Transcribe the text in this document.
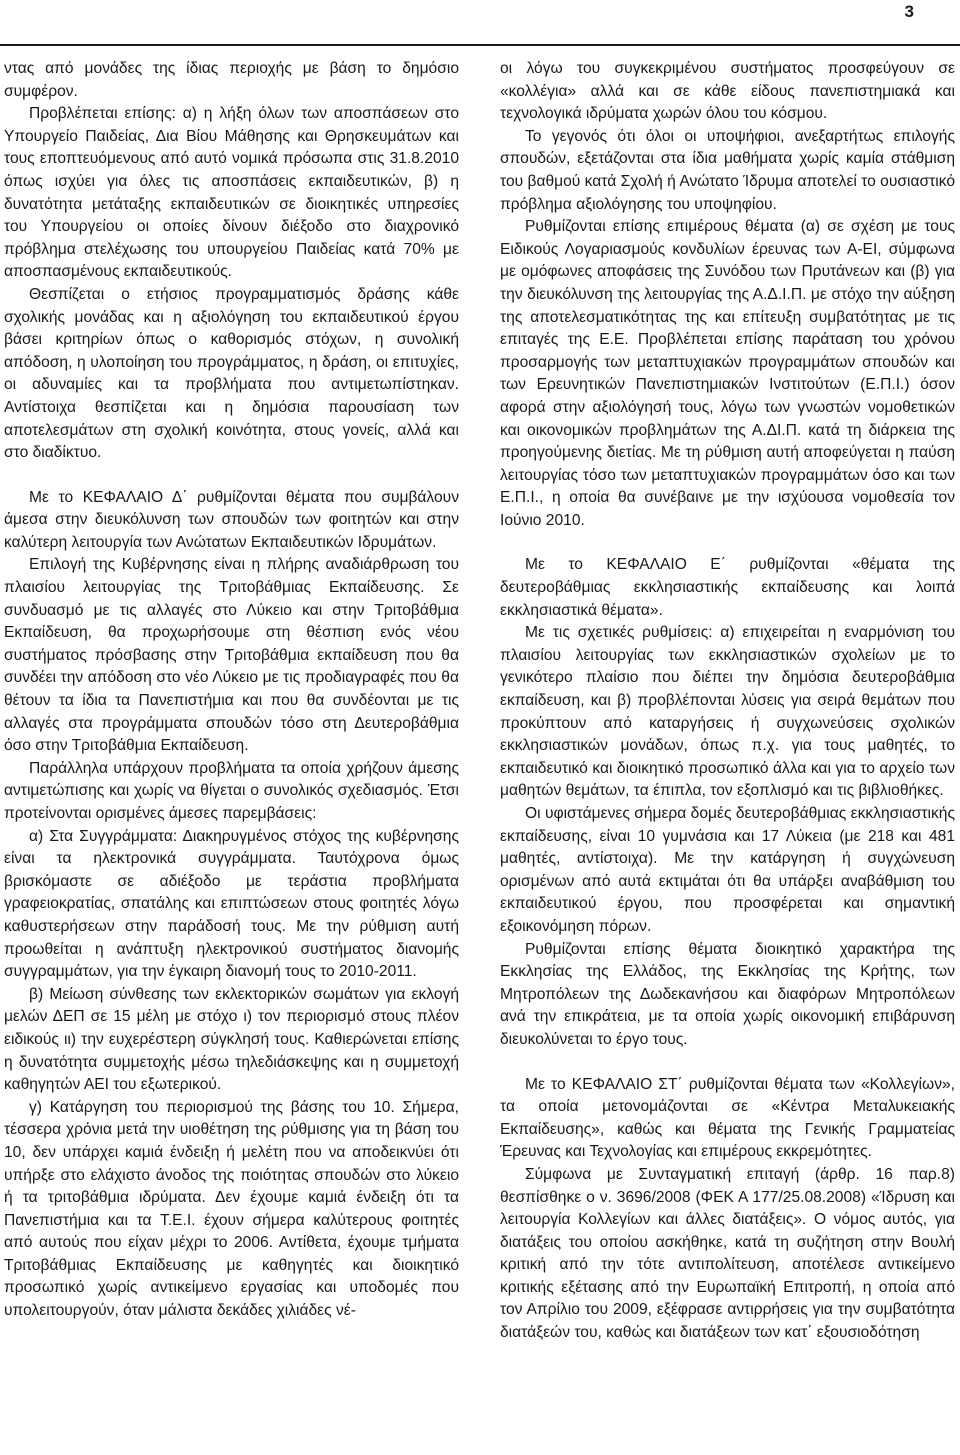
3

ντας από μονάδες της ίδιας περιοχής με βάση το δημόσιο συμφέρον.

Προβλέπεται επίσης: α) η λήξη όλων των αποσπάσεων στο Υπουργείο Παιδείας, Δια Βίου Μάθησης και Θρησκευμάτων και τους εποπτευόμενους από αυτό νομικά πρόσωπα στις 31.8.2010 όπως ισχύει για όλες τις αποσπάσεις εκπαιδευτικών, β) η δυνατότητα μετάταξης εκπαιδευτικών σε διοικητικές υπηρεσίες του Υπουργείου οι οποίες δίνουν διέξοδο στο διαχρονικό πρόβλημα στελέχωσης του υπουργείου Παιδείας κατά 70% με αποσπασμένους εκπαιδευτικούς.

Θεσπίζεται ο ετήσιος προγραμματισμός δράσης κάθε σχολικής μονάδας και η αξιολόγηση του εκπαιδευτικού έργου βάσει κριτηρίων όπως ο καθορισμός στόχων, η συνολική απόδοση, η υλοποίηση του προγράμματος, η δράση, οι επιτυχίες, οι αδυναμίες και τα προβλήματα που αντιμετωπίστηκαν. Αντίστοιχα θεσπίζεται και η δημόσια παρουσίαση των αποτελεσμάτων στη σχολική κοινότητα, στους γονείς, αλλά και στο διαδίκτυο.

Με το ΚΕΦΑΛΑΙΟ Δ΄ ρυθμίζονται θέματα που συμβάλουν άμεσα στην διευκόλυνση των σπουδών των φοιτητών και στην καλύτερη λειτουργία των Ανώτατων Εκπαιδευτικών Ιδρυμάτων.

Επιλογή της Κυβέρνησης είναι η πλήρης αναδιάρθρωση του πλαισίου λειτουργίας της Τριτοβάθμιας Εκπαίδευσης. Σε συνδυασμό με τις αλλαγές στο Λύκειο και στην Τριτοβάθμια Εκπαίδευση, θα προχωρήσουμε στη θέσπιση ενός νέου συστήματος πρόσβασης στην Τριτοβάθμια εκπαίδευση που θα συνδέει την απόδοση στο νέο Λύκειο με τις προδιαγραφές που θα θέτουν τα ίδια τα Πανεπιστήμια και που θα συνδέονται με τις αλλαγές στα προγράμματα σπουδών τόσο στη Δευτεροβάθμια όσο στην Τριτοβάθμια Εκπαίδευση.

Παράλληλα υπάρχουν προβλήματα τα οποία χρήζουν άμεσης αντιμετώπισης και χωρίς να θίγεται ο συνολικός σχεδιασμός. Έτσι προτείνονται ορισμένες άμεσες παρεμβάσεις:

α) Στα Συγγράμματα: Διακηρυγμένος στόχος της κυβέρνησης είναι τα ηλεκτρονικά συγγράμματα. Ταυτόχρονα όμως βρισκόμαστε σε αδιέξοδο με τεράστια προβλήματα γραφειοκρατίας, σπατάλης και επιπτώσεων στους φοιτητές λόγω καθυστερήσεων στην παράδοσή τους. Με την ρύθμιση αυτή προωθείται η ανάπτυξη ηλεκτρονικού συστήματος διανομής συγγραμμάτων, για την έγκαιρη διανομή τους το 2010-2011.

β) Μείωση σύνθεσης των εκλεκτορικών σωμάτων για εκλογή μελών ΔΕΠ σε 15 μέλη με στόχο ι) τον περιορισμό στους πλέον ειδικούς ιι) την ευχερέστερη σύγκλησή τους. Καθιερώνεται επίσης η δυνατότητα συμμετοχής μέσω τηλεδιάσκεψης και η συμμετοχή καθηγητών ΑΕΙ του εξωτερικού.

γ) Κατάργηση του περιορισμού της βάσης του 10. Σήμερα, τέσσερα χρόνια μετά την υιοθέτηση της ρύθμισης για τη βάση του 10, δεν υπάρχει καμιά ένδειξη ή μελέτη που να αποδεικνύει ότι υπήρξε στο ελάχιστο άνοδος της ποιότητας σπουδών στο λύκειο ή τα τριτοβάθμια ιδρύματα. Δεν έχουμε καμιά ένδειξη ότι τα Πανεπιστήμια και τα Τ.Ε.Ι. έχουν σήμερα καλύτερους φοιτητές από αυτούς που είχαν μέχρι το 2006. Αντίθετα, έχουμε τμήματα Τριτοβάθμιας Εκπαίδευσης με καθηγητές και διοικητικό προσωπικό χωρίς αντικείμενο εργασίας και υποδομές που υπολειτουργούν, όταν μάλιστα δεκάδες χιλιάδες νέ-

οι λόγω του συγκεκριμένου συστήματος προσφεύγουν σε «κολλέγια» αλλά και σε κάθε είδους πανεπιστημιακά και τεχνολογικά ιδρύματα χωρών όλου του κόσμου.

Το γεγονός ότι όλοι οι υποψήφιοι, ανεξαρτήτως επιλογής σπουδών, εξετάζονται στα ίδια μαθήματα χωρίς καμία στάθμιση του βαθμού κατά Σχολή ή Ανώτατο Ίδρυμα αποτελεί το ουσιαστικό πρόβλημα αξιολόγησης του υποψηφίου.

Ρυθμίζονται επίσης επιμέρους θέματα (α) σε σχέση με τους Ειδικούς Λογαριασμούς κονδυλίων έρευνας των Α-ΕΙ, σύμφωνα με ομόφωνες αποφάσεις της Συνόδου των Πρυτάνεων και (β) για την διευκόλυνση της λειτουργίας της Α.Δ.Ι.Π. με στόχο την αύξηση της αποτελεσματικότητας της και επίτευξη συμβατότητας με τις επιταγές της Ε.Ε. Προβλέπεται επίσης παράταση του χρόνου προσαρμογής των μεταπτυχιακών προγραμμάτων σπουδών και των Ερευνητικών Πανεπιστημιακών Ινστιτούτων (Ε.Π.Ι.) όσον αφορά στην αξιολόγησή τους, λόγω των γνωστών νομοθετικών και οικονομικών προβλημάτων της Α.ΔΙ.Π. κατά τη διάρκεια της προηγούμενης διετίας. Με τη ρύθμιση αυτή αποφεύγεται η παύση λειτουργίας τόσο των μεταπτυχιακών προγραμμάτων όσο και των Ε.Π.Ι., η οποία θα συνέβαινε με την ισχύουσα νομοθεσία τον Ιούνιο 2010.

Με το ΚΕΦΑΛΑΙΟ Ε΄ ρυθμίζονται «θέματα της δευτεροβάθμιας εκκλησιαστικής εκπαίδευσης και λοιπά εκκλησιαστικά θέματα».

Με τις σχετικές ρυθμίσεις: α) επιχειρείται η εναρμόνιση του πλαισίου λειτουργίας των εκκλησιαστικών σχολείων με το γενικότερο πλαίσιο που διέπει την δημόσια δευτεροβάθμια εκπαίδευση, και β) προβλέπονται λύσεις για σειρά θεμάτων που προκύπτουν από καταργήσεις ή συγχωνεύσεις σχολικών εκκλησιαστικών μονάδων, όπως π.χ. για τους μαθητές, το εκπαιδευτικό και διοικητικό προσωπικό άλλα και για το αρχείο των μαθητών θεμάτων, τα έπιπλα, τον εξοπλισμό και τις βιβλιοθήκες.

Οι υφιστάμενες σήμερα δομές δευτεροβάθμιας εκκλησιαστικής εκπαίδευσης, είναι 10 γυμνάσια και 17 Λύκεια (με 218 και 481 μαθητές, αντίστοιχα). Με την κατάργηση ή συγχώνευση ορισμένων από αυτά εκτιμάται ότι θα υπάρξει αναβάθμιση του εκπαιδευτικού έργου, που προσφέρεται και σημαντική εξοικονόμηση πόρων.

Ρυθμίζονται επίσης θέματα διοικητικό χαρακτήρα της Εκκλησίας της Ελλάδος, της Εκκλησίας της Κρήτης, των Μητροπόλεων της Δωδεκανήσου και διαφόρων Μητροπόλεων ανά την επικράτεια, με τα οποία χωρίς οικονομική επιβάρυνση διευκολύνεται το έργο τους.

Με το ΚΕΦΑΛΑΙΟ ΣΤ΄ ρυθμίζονται θέματα των «Κολλεγίων», τα οποία μετονομάζονται σε «Κέντρα Μεταλυκειακής Εκπαίδευσης», καθώς και θέματα της Γενικής Γραμματείας Έρευνας και Τεχνολογίας και επιμέρους εκκρεμότητες.

Σύμφωνα με Συνταγματική επιταγή (άρθρ. 16 παρ.8) θεσπίσθηκε ο ν. 3696/2008 (ΦΕΚ Α 177/25.08.2008) «Ίδρυση και λειτουργία Κολλεγίων και άλλες διατάξεις». Ο νόμος αυτός, για διατάξεις του οποίου ασκήθηκε, κατά τη συζήτηση στην Βουλή κριτική από την τότε αντιπολίτευση, αποτέλεσε αντικείμενο κριτικής εξέτασης από την Ευρωπαϊκή Επιτροπή, η οποία από τον Απρίλιο του 2009, εξέφρασε αντιρρήσεις για την συμβατότητα διατάξεών του, καθώς και διατάξεων των κατ΄ εξουσιοδότηση
